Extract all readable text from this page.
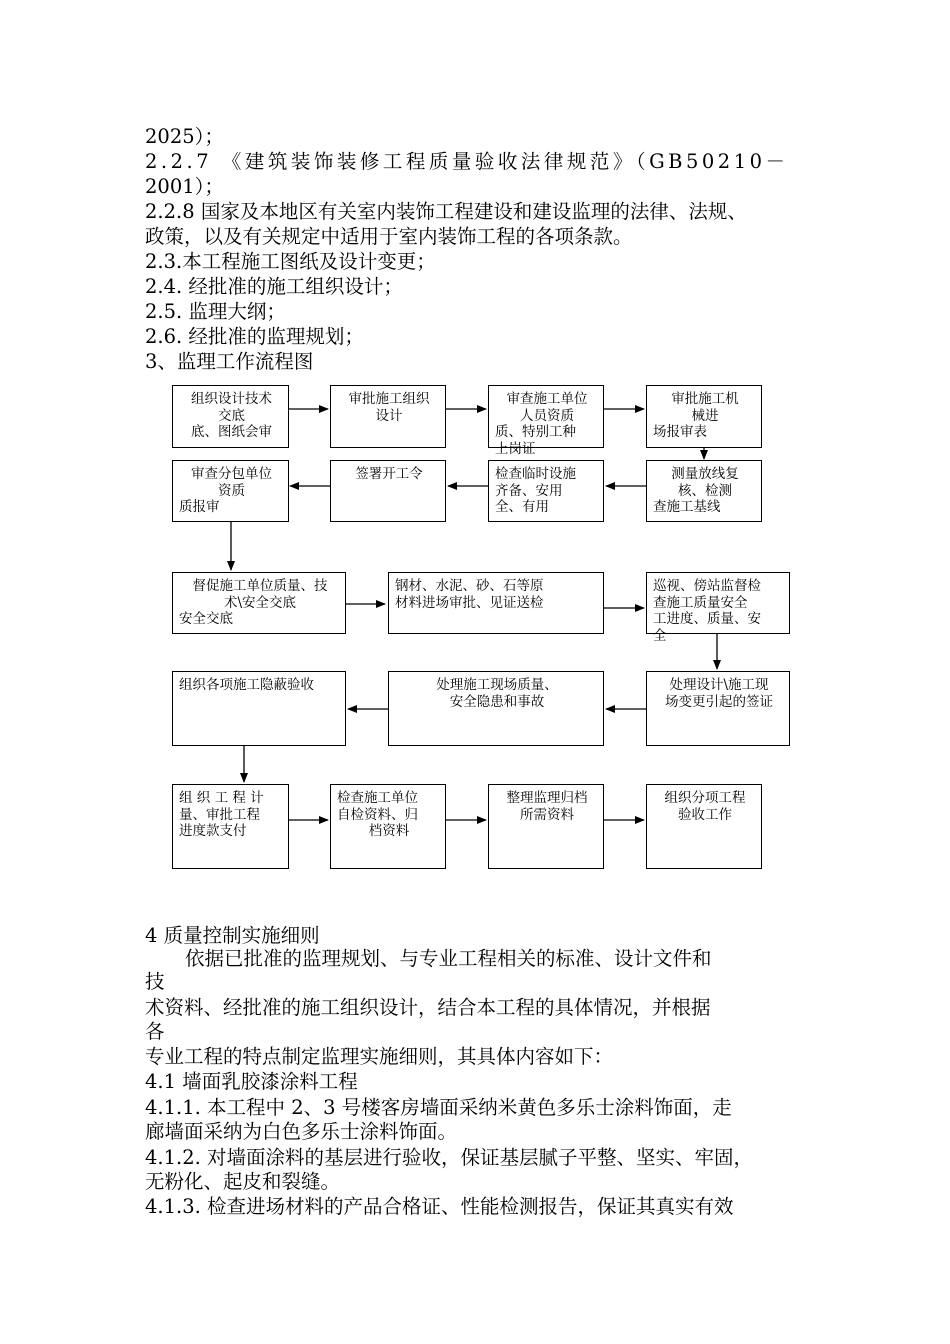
2025）；
2.2.7 《建筑装饰装修工程质量验收法律规范》（GB50210－
2001）；
2.2.8 国家及本地区有关室内装饰工程建设和建设监理的法律、法规、
政策，以及有关规定中适用于室内装饰工程的各项条款。
2.3.本工程施工图纸及设计变更；
2.4. 经批准的施工组织设计；
2.5. 监理大纲；
2.6. 经批准的监理规划；
3、监理工作流程图
组织设计技术
交底
底、图纸会审
审批施工组织
设计
审查施工单位
人员资质
质、特别工种
上岗证
审批施工机
械进
场报审表
审查分包单位
资质
质报审
签署开工令	检查临时设施
齐备、安用
全、有用
测量放线复
核、检测
查施工基线
督促施工单位质量、技
术\安全交底
安全交底
钢材、水泥、砂、石等原
材料进场审批、见证送检
巡视、傍站监督检
查施工质量安全
工进度、质量、安
全
组织各项施工隐蔽验收	处理施工现场质量、
安全隐患和事故
处理设计\施工现
场变更引起的签证
组 织 工 程 计
量、审批工程
进度款支付
检查施工单位
自检资料、归
档资料
整理监理归档
所需资料
组织分项工程
验收工作
4 质量控制实施细则
依据已批准的监理规划、与专业工程相关的标准、设计文件和
技
术资料、经批准的施工组织设计，结合本工程的具体情况，并根据
各
专业工程的特点制定监理实施细则，其具体内容如下：
4.1 墙面乳胶漆涂料工程
4.1.1. 本工程中 2、3 号楼客房墙面采纳米黄色多乐士涂料饰面，走
廊墙面采纳为白色多乐士涂料饰面。
4.1.2. 对墙面涂料的基层进行验收，保证基层腻子平整、坚实、牢固，
无粉化、起皮和裂缝。
4.1.3. 检查进场材料的产品合格证、性能检测报告，保证其真实有效
